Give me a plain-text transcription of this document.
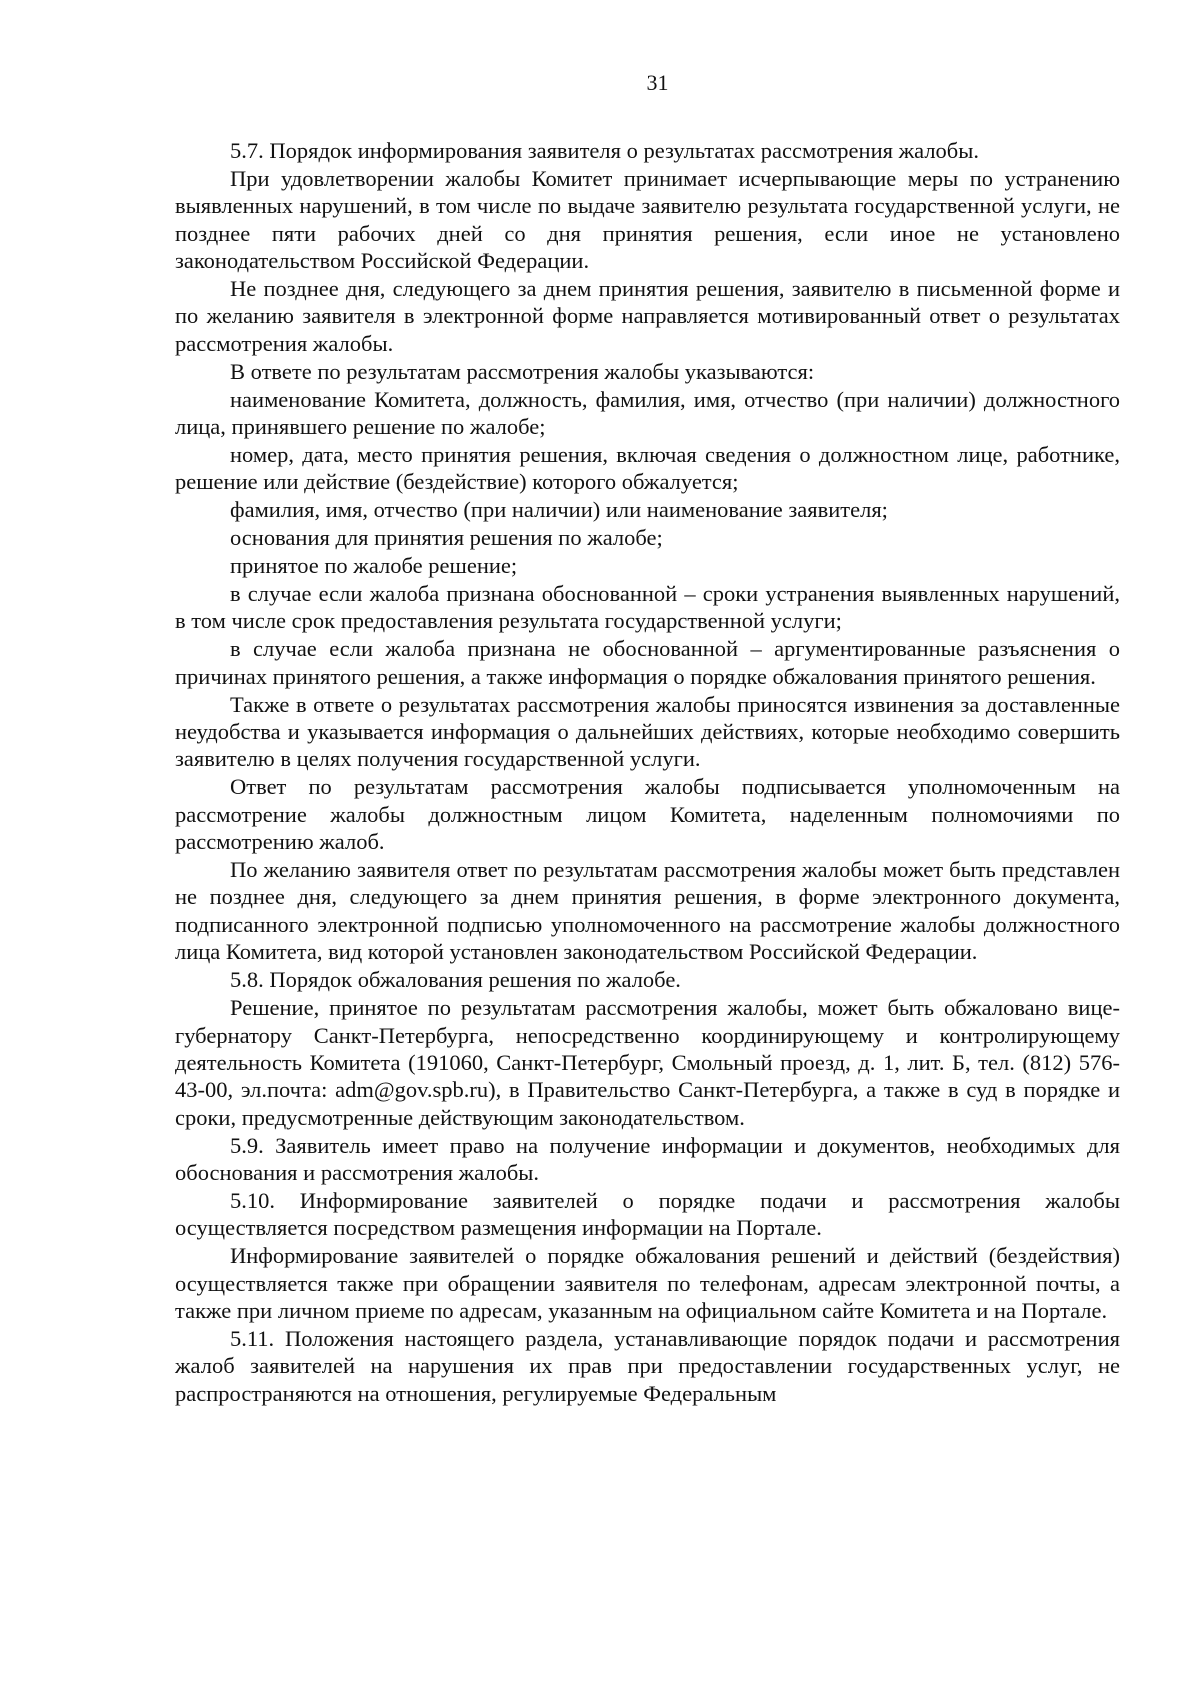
31

5.7. Порядок информирования заявителя о результатах рассмотрения жалобы.

При удовлетворении жалобы Комитет принимает исчерпывающие меры по устранению выявленных нарушений, в том числе по выдаче заявителю результата государственной услуги, не позднее пяти рабочих дней со дня принятия решения, если иное не установлено законодательством Российской Федерации.

Не позднее дня, следующего за днем принятия решения, заявителю в письменной форме и по желанию заявителя в электронной форме направляется мотивированный ответ о результатах рассмотрения жалобы.

В ответе по результатам рассмотрения жалобы указываются:

наименование Комитета, должность, фамилия, имя, отчество (при наличии) должностного лица, принявшего решение по жалобе;

номер, дата, место принятия решения, включая сведения о должностном лице, работнике, решение или действие (бездействие) которого обжалуется;

фамилия, имя, отчество (при наличии) или наименование заявителя;

основания для принятия решения по жалобе;

принятое по жалобе решение;

в случае если жалоба признана обоснованной – сроки устранения выявленных нарушений, в том числе срок предоставления результата государственной услуги;

в случае если жалоба признана не обоснованной – аргументированные разъяснения о причинах принятого решения, а также информация о порядке обжалования принятого решения.

Также в ответе о результатах рассмотрения жалобы приносятся извинения за доставленные неудобства и указывается информация о дальнейших действиях, которые необходимо совершить заявителю в целях получения государственной услуги.

Ответ по результатам рассмотрения жалобы подписывается уполномоченным на рассмотрение жалобы должностным лицом Комитета, наделенным полномочиями по рассмотрению жалоб.

По желанию заявителя ответ по результатам рассмотрения жалобы может быть представлен не позднее дня, следующего за днем принятия решения, в форме электронного документа, подписанного электронной подписью уполномоченного на рассмотрение жалобы должностного лица Комитета, вид которой установлен законодательством Российской Федерации.

5.8. Порядок обжалования решения по жалобе.

Решение, принятое по результатам рассмотрения жалобы, может быть обжаловано вице-губернатору Санкт-Петербурга, непосредственно координирующему и контролирующему деятельность Комитета (191060, Санкт-Петербург, Смольный проезд, д. 1, лит. Б, тел. (812) 576-43-00, эл.почта: adm@gov.spb.ru), в Правительство Санкт-Петербурга, а также в суд в порядке и сроки, предусмотренные действующим законодательством.

5.9. Заявитель имеет право на получение информации и документов, необходимых для обоснования и рассмотрения жалобы.

5.10. Информирование заявителей о порядке подачи и рассмотрения жалобы осуществляется посредством размещения информации на Портале.

Информирование заявителей о порядке обжалования решений и действий (бездействия) осуществляется также при обращении заявителя по телефонам, адресам электронной почты, а также при личном приеме по адресам, указанным на официальном сайте Комитета и на Портале.

5.11. Положения настоящего раздела, устанавливающие порядок подачи и рассмотрения жалоб заявителей на нарушения их прав при предоставлении государственных услуг, не распространяются на отношения, регулируемые Федеральным
